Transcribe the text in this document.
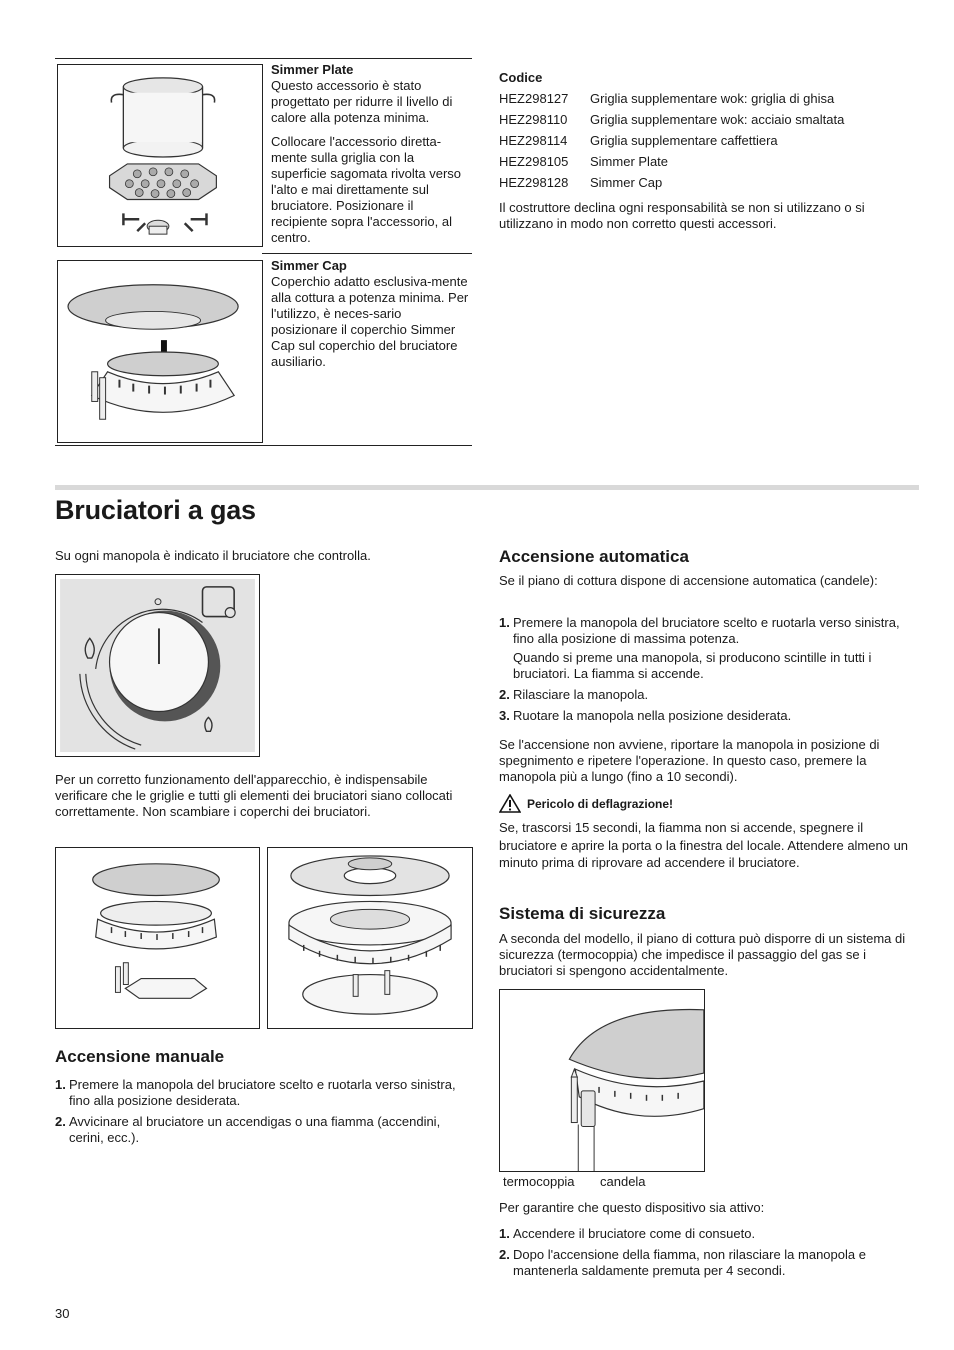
Simmer Plate

Questo accessorio è stato progettato per ridurre il livello di calore alla potenza minima.

Collocare l'accessorio diretta-mente sulla griglia con la superficie sagomata rivolta verso l'alto e mai direttamente sul bruciatore. Posizionare il recipiente sopra l'accessorio, al centro.

Simmer Cap

Coperchio adatto esclusiva-mente alla cottura a potenza minima. Per l'utilizzo, è neces-sario posizionare il coperchio Simmer Cap sul coperchio del bruciatore ausiliario.

Codice

HEZ298127	Griglia supplementare wok: griglia di ghisa
HEZ298110	Griglia supplementare wok: acciaio smaltata
HEZ298114	Griglia supplementare caffettiera
HEZ298105	Simmer Plate
HEZ298128	Simmer Cap

Il costruttore declina ogni responsabilità se non si utilizzano o si utilizzano in modo non corretto questi accessori.

Bruciatori a gas

Su ogni manopola è indicato il bruciatore che controlla.

Per un corretto funzionamento dell'apparecchio, è indispensabile verificare che le griglie e tutti gli elementi dei bruciatori siano collocati correttamente. Non scambiare i coperchi dei bruciatori.

Accensione manuale
1. Premere la manopola del bruciatore scelto e ruotarla verso sinistra, fino alla posizione desiderata.
2. Avvicinare al bruciatore un accendigas o una fiamma (accendini, cerini, ecc.).
30
Accensione automatica

Se il piano di cottura dispone di accensione automatica (candele):

1. Premere la manopola del bruciatore scelto e ruotarla verso sinistra, fino alla posizione di massima potenza.

Quando si preme una manopola, si producono scintille in tutti i bruciatori. La fiamma si accende.

2. Rilasciare la manopola.
3. Ruotare la manopola nella posizione desiderata.

Se l'accensione non avviene, riportare la manopola in posizione di spegnimento e ripetere l'operazione. In questo caso, premere la manopola più a lungo (fino a 10 secondi).

Pericolo di deflagrazione!

Se, trascorsi 15 secondi, la fiamma non si accende, spegnere il bruciatore e aprire la porta o la finestra del locale. Attendere almeno un minuto prima di riprovare ad accendere il bruciatore.

Sistema di sicurezza

A seconda del modello, il piano di cottura può disporre di un sistema di sicurezza (termocoppia) che impedisce il passaggio del gas se i bruciatori si spengono accidentalmente.

termocoppia candela

Per garantire che questo dispositivo sia attivo:

1. Accendere il bruciatore come di consueto.
2. Dopo l'accensione della fiamma, non rilasciare la manopola e mantenerla saldamente premuta per 4 secondi.
